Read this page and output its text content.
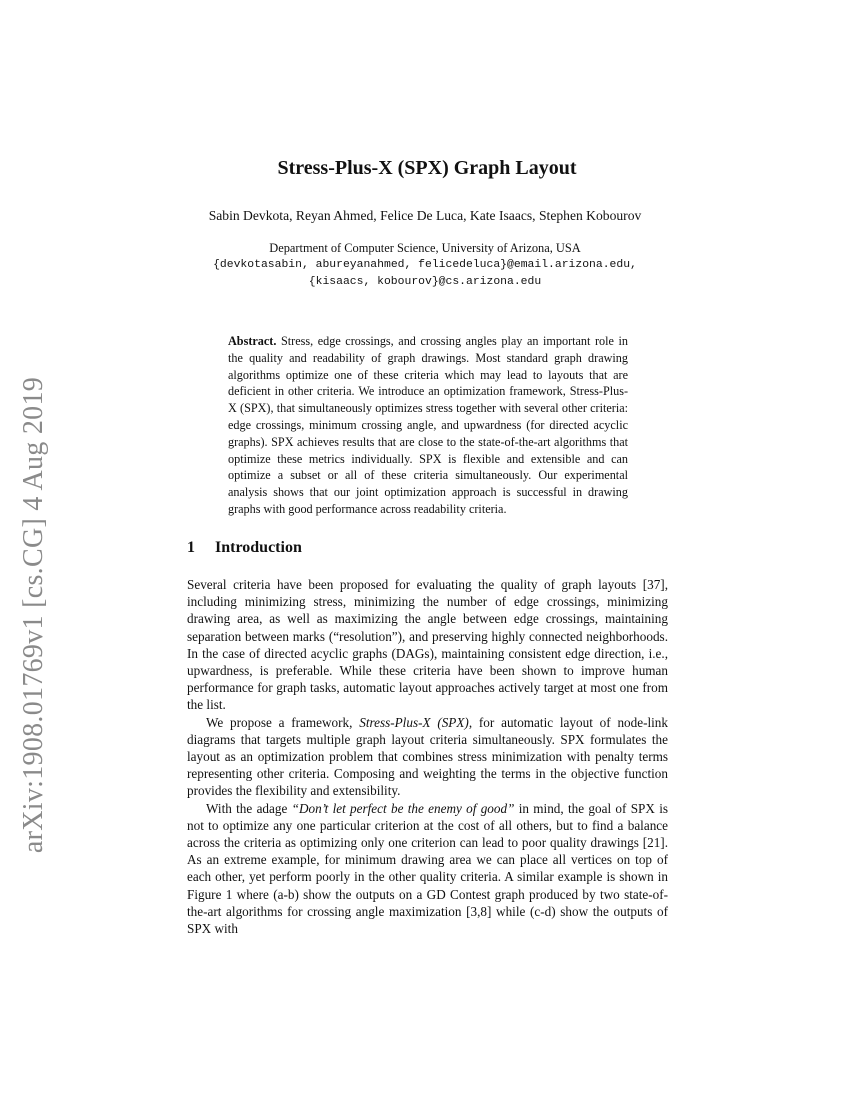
arXiv:1908.01769v1 [cs.CG] 4 Aug 2019
Stress-Plus-X (SPX) Graph Layout
Sabin Devkota, Reyan Ahmed, Felice De Luca, Kate Isaacs, Stephen Kobourov
Department of Computer Science, University of Arizona, USA
{devkotasabin, abureyanahmed, felicedeluca}@email.arizona.edu,
{kisaacs, kobourov}@cs.arizona.edu
Abstract. Stress, edge crossings, and crossing angles play an important role in the quality and readability of graph drawings. Most standard graph drawing algorithms optimize one of these criteria which may lead to layouts that are deficient in other criteria. We introduce an optimization framework, Stress-Plus-X (SPX), that simultaneously optimizes stress together with several other criteria: edge crossings, minimum crossing angle, and upwardness (for directed acyclic graphs). SPX achieves results that are close to the state-of-the-art algorithms that optimize these metrics individually. SPX is flexible and extensible and can optimize a subset or all of these criteria simultaneously. Our experimental analysis shows that our joint optimization approach is successful in drawing graphs with good performance across readability criteria.
1 Introduction

Several criteria have been proposed for evaluating the quality of graph layouts [37], including minimizing stress, minimizing the number of edge crossings, minimizing drawing area, as well as maximizing the angle between edge crossings, maintaining separation between marks (“resolution”), and preserving highly connected neighborhoods. In the case of directed acyclic graphs (DAGs), maintaining consistent edge direction, i.e., upwardness, is preferable. While these criteria have been shown to improve human performance for graph tasks, automatic layout approaches actively target at most one from the list.

We propose a framework, Stress-Plus-X (SPX), for automatic layout of node-link diagrams that targets multiple graph layout criteria simultaneously. SPX formulates the layout as an optimization problem that combines stress minimization with penalty terms representing other criteria. Composing and weighting the terms in the objective function provides the flexibility and extensibility.

With the adage “Don’t let perfect be the enemy of good” in mind, the goal of SPX is not to optimize any one particular criterion at the cost of all others, but to find a balance across the criteria as optimizing only one criterion can lead to poor quality drawings [21]. As an extreme example, for minimum drawing area we can place all vertices on top of each other, yet perform poorly in the other quality criteria. A similar example is shown in Figure 1 where (a-b) show the outputs on a GD Contest graph produced by two state-of-the-art algorithms for crossing angle maximization [3,8] while (c-d) show the outputs of SPX with
